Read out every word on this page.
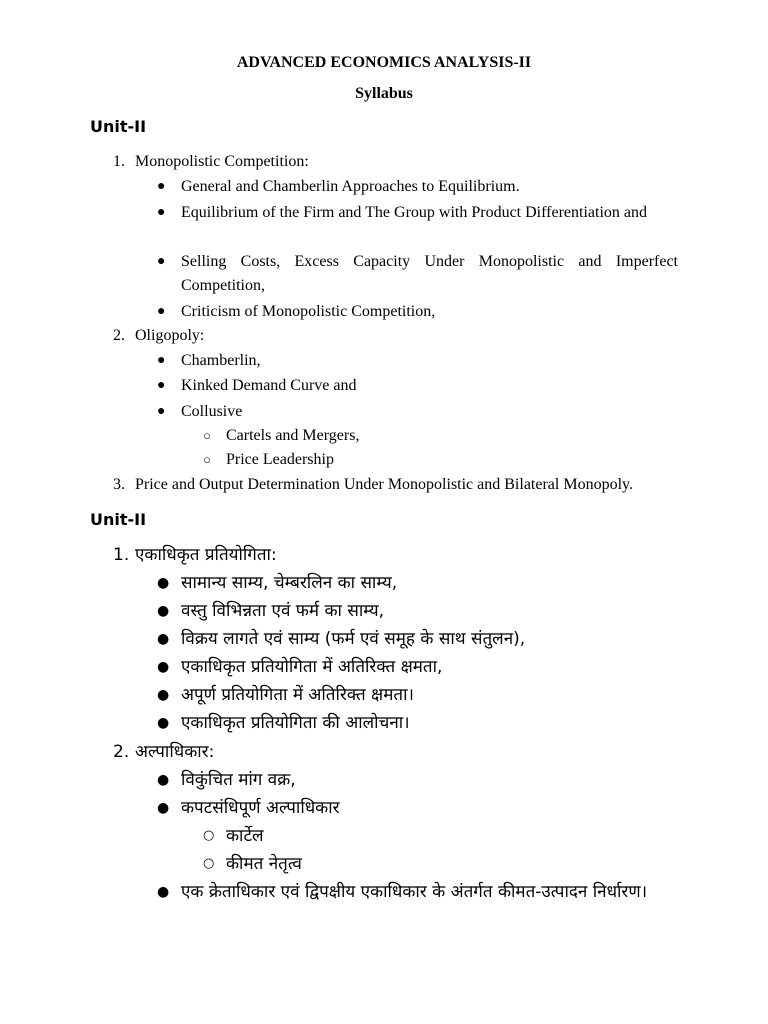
ADVANCED ECONOMICS ANALYSIS-II
Syllabus
Unit-II
1. Monopolistic Competition:
● General and Chamberlin Approaches to Equilibrium.
● Equilibrium of the Firm and The Group with Product Differentiation and
● Selling Costs, Excess Capacity Under Monopolistic and Imperfect Competition,
● Criticism of Monopolistic Competition,
2. Oligopoly:
● Chamberlin,
● Kinked Demand Curve and
● Collusive
○ Cartels and Mergers,
○ Price Leadership
3. Price and Output Determination Under Monopolistic and Bilateral Monopoly.
Unit-II
1. एकाधिकृत प्रतियोगिता:
● सामान्य साम्य, चेम्बरलिन का साम्य,
● वस्तु विभिन्नता एवं फर्म का साम्य,
● विक्रय लागते एवं साम्य (फर्म एवं समूह के साथ संतुलन),
● एकाधिकृत प्रतियोगिता में अतिरिक्त क्षमता,
● अपूर्ण प्रतियोगिता में अतिरिक्त क्षमता।
● एकाधिकृत प्रतियोगिता की आलोचना।
2. अल्पाधिकार:
● विकुंचित मांग वक्र,
● कपटसंधिपूर्ण अल्पाधिकार
○ कार्टेल
○ कीमत नेतृत्व
● एक क्रेताधिकार एवं द्विपक्षीय एकाधिकार के अंतर्गत कीमत-उत्पादन निर्धारण।
